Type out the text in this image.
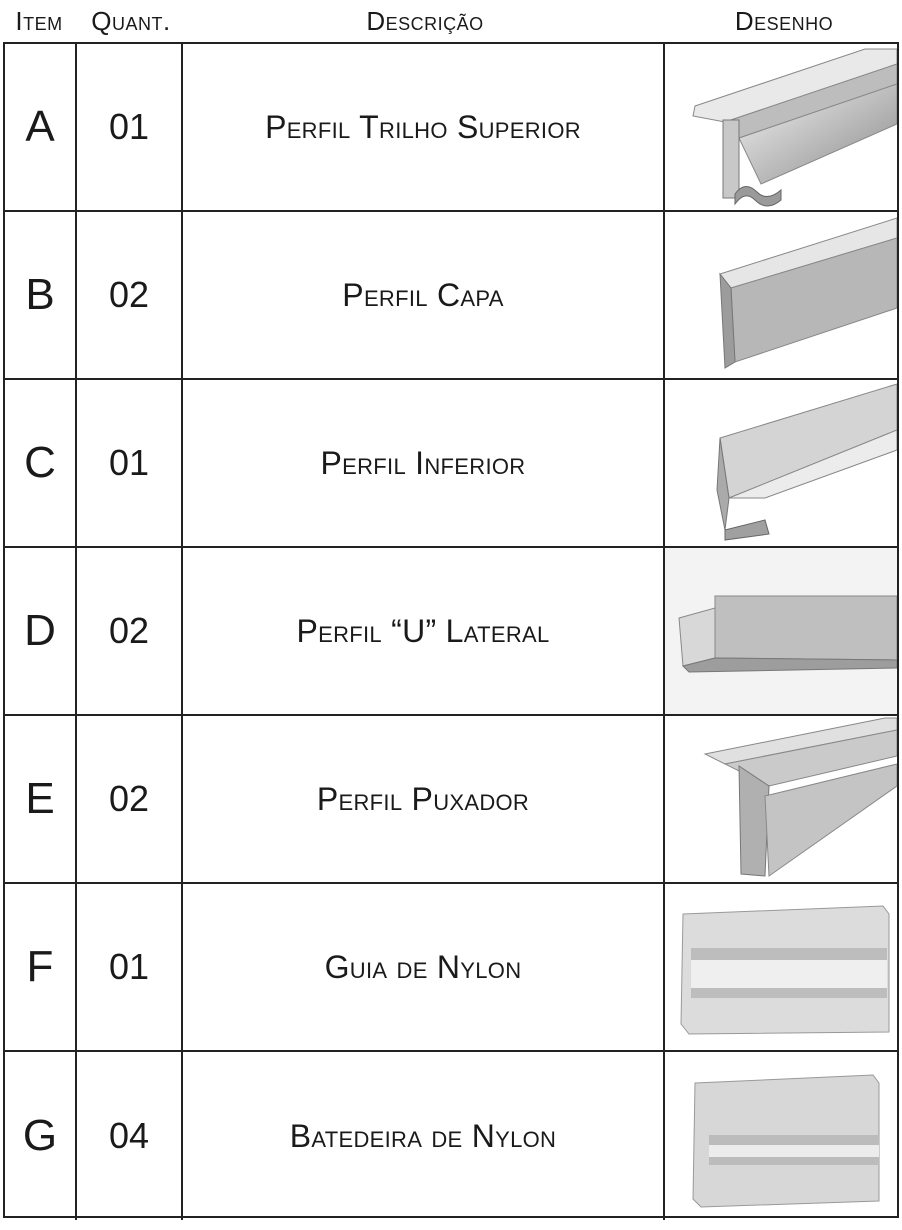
Item	Quant.	Descrição	Desenho
A	01	Perfil Trilho Superior
B	02	Perfil Capa
C	01	Perfil Inferior
D	02	Perfil “U” Lateral
E	02	Perfil Puxador
F	01	Guia de Nylon
G	04	Batedeira de Nylon
